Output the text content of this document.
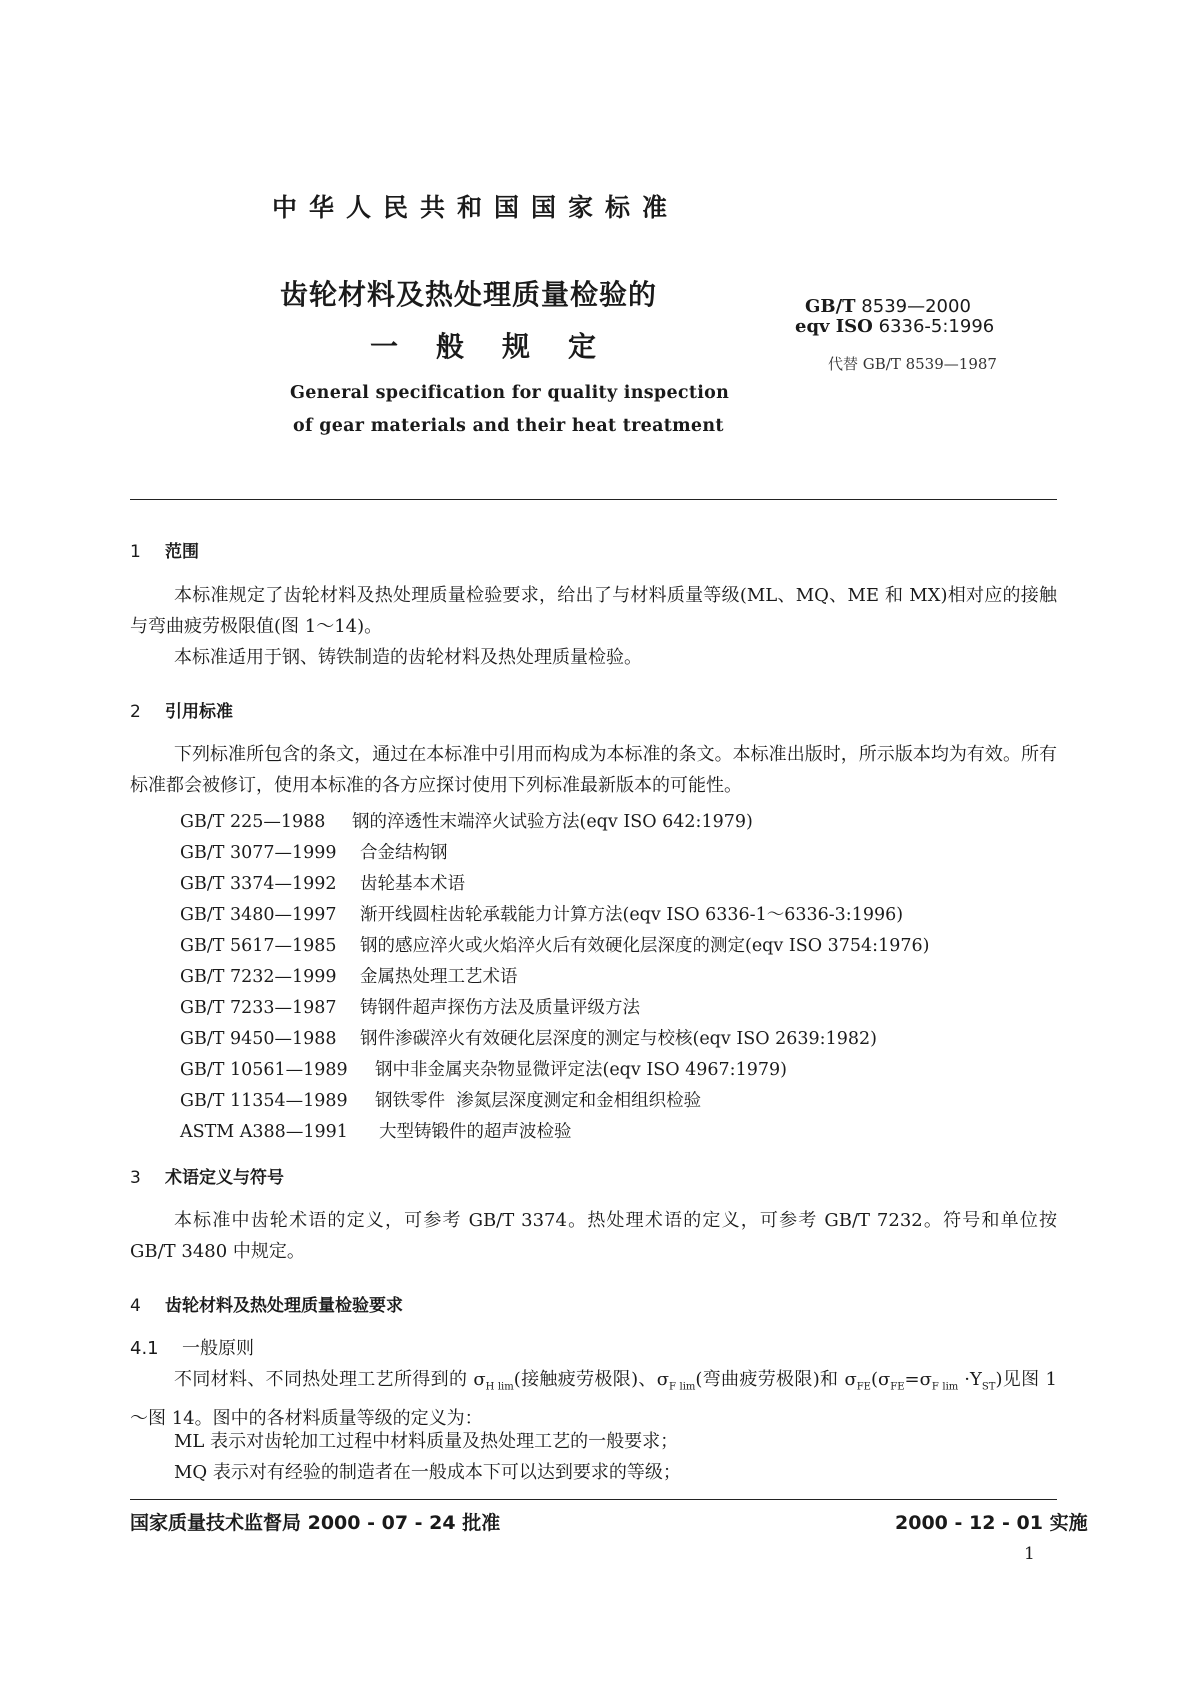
中华人民共和国国家标准
齿轮材料及热处理质量检验的
一般规定
General specification for quality inspection
of gear materials and their heat treatment
GB/T 8539—2000
eqv ISO 6336-5:1996
代替 GB/T 8539—1987
1 范围
本标准规定了齿轮材料及热处理质量检验要求，给出了与材料质量等级(ML、MQ、ME 和 MX)相对应的接触与弯曲疲劳极限值(图 1～14)。
本标准适用于钢、铸铁制造的齿轮材料及热处理质量检验。
2 引用标准
下列标准所包含的条文，通过在本标准中引用而构成为本标准的条文。本标准出版时，所示版本均为有效。所有标准都会被修订，使用本标准的各方应探讨使用下列标准最新版本的可能性。
GB/T 225—1988 钢的淬透性末端淬火试验方法(eqv ISO 642:1979)
GB/T 3077—1999 合金结构钢
GB/T 3374—1992 齿轮基本术语
GB/T 3480—1997 渐开线圆柱齿轮承载能力计算方法(eqv ISO 6336-1～6336-3:1996)
GB/T 5617—1985 钢的感应淬火或火焰淬火后有效硬化层深度的测定(eqv ISO 3754:1976)
GB/T 7232—1999 金属热处理工艺术语
GB/T 7233—1987 铸钢件超声探伤方法及质量评级方法
GB/T 9450—1988 钢件渗碳淬火有效硬化层深度的测定与校核(eqv ISO 2639:1982)
GB/T 10561—1989 钢中非金属夹杂物显微评定法(eqv ISO 4967:1979)
GB/T 11354—1989 钢铁零件  渗氮层深度测定和金相组织检验
ASTM A388—1991 大型铸锻件的超声波检验
3 术语定义与符号
本标准中齿轮术语的定义，可参考 GB/T 3374。热处理术语的定义，可参考 GB/T 7232。符号和单位按 GB/T 3480 中规定。
4 齿轮材料及热处理质量检验要求
4.1 一般原则
不同材料、不同热处理工艺所得到的 $\sigma_{H lim}$(接触疲劳极限)、$\sigma_{F lim}$(弯曲疲劳极限)和 $\sigma_{FE}(\sigma_{FE}=\sigma_{F lim} \cdot Y_{ST})$见图 1～图 14。图中的各材料质量等级的定义为：
ML 表示对齿轮加工过程中材料质量及热处理工艺的一般要求；
MQ 表示对有经验的制造者在一般成本下可以达到要求的等级；
国家质量技术监督局 2000 - 07 - 24 批准	2000 - 12 - 01 实施
1
